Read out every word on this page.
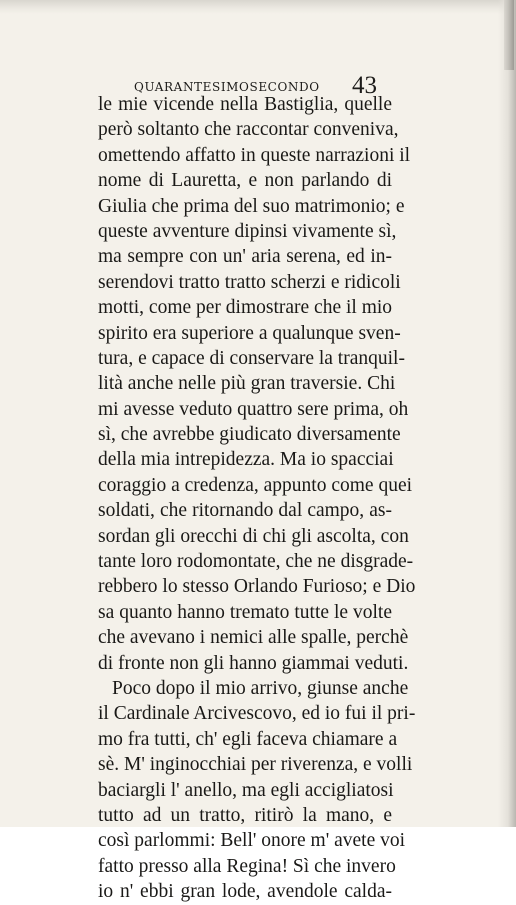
QUARANTESIMOSECONDO 43
le mie vicende nella Bastiglia, quelle
però soltanto che raccontar conveniva,
omettendo affatto in queste narrazioni il
nome di Lauretta, e non parlando di
Giulia che prima del suo matrimonio; e
queste avventure dipinsi vivamente sì,
ma sempre con un' aria serena, ed in-
serendovi tratto tratto scherzi e ridicoli
motti, come per dimostrare che il mio
spirito era superiore a qualunque sven-
tura, e capace di conservare la tranquil-
lità anche nelle più gran traversie. Chi
mi avesse veduto quattro sere prima, oh
sì, che avrebbe giudicato diversamente
della mia intrepidezza. Ma io spacciai
coraggio a credenza, appunto come quei
soldati, che ritornando dal campo, as-
sordan gli orecchi di chi gli ascolta, con
tante loro rodomontate, che ne disgrade-
rebbero lo stesso Orlando Furioso; e Dio
sa quanto hanno tremato tutte le volte
che avevano i nemici alle spalle, perchè
di fronte non gli hanno giammai veduti.
Poco dopo il mio arrivo, giunse anche
il Cardinale Arcivescovo, ed io fui il pri-
mo fra tutti, ch' egli faceva chiamare a
sè. M' inginocchiai per riverenza, e volli
baciargli l' anello, ma egli accigliatosi
tutto ad un tratto, ritirò la mano, e
così parlommi: Bell' onore m' avete voi
fatto presso alla Regina! Sì che invero
io n' ebbi gran lode, avendole calda-
